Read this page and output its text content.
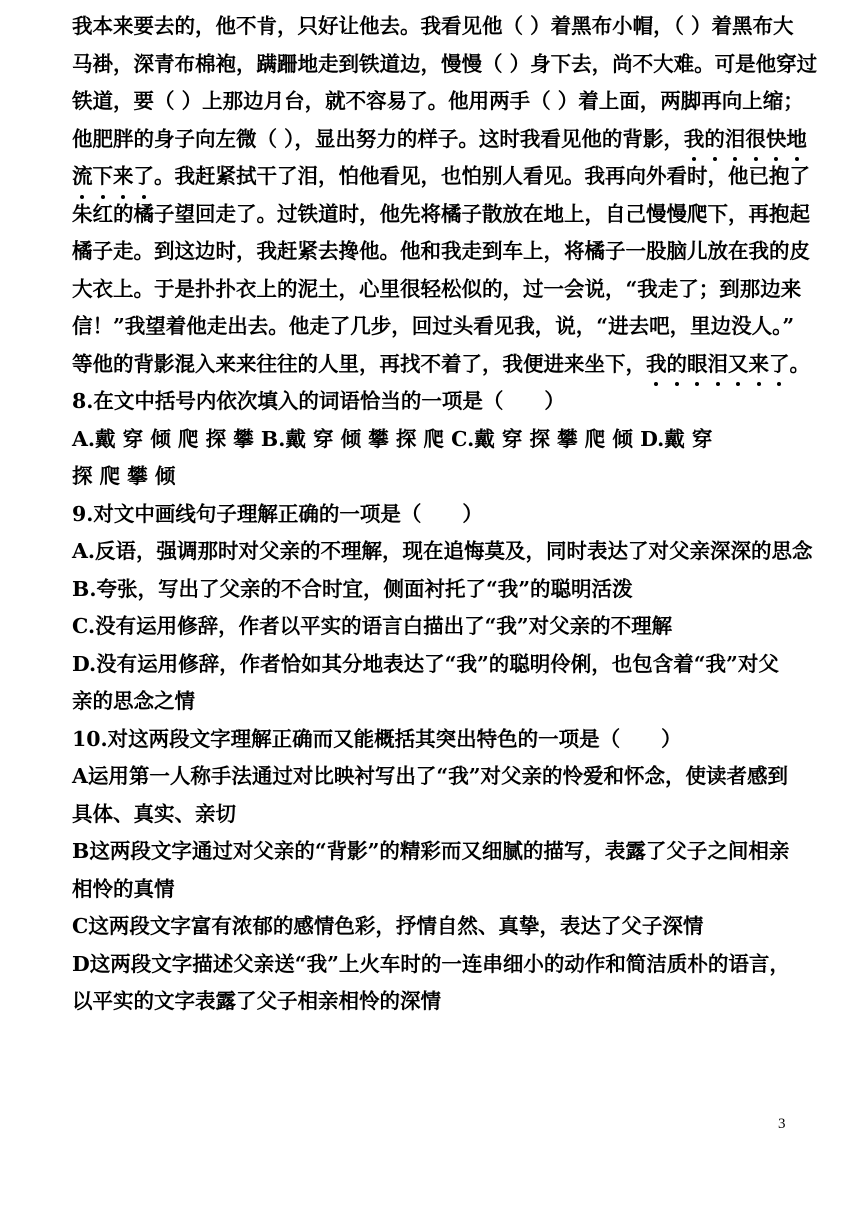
我本来要去的，他不肯，只好让他去。我看见他（ ）着黑布小帽，（ ）着黑布大
马褂，深青布棉袍，蹒跚地走到铁道边，慢慢（ ）身下去，尚不大难。可是他穿过
铁道，要（ ）上那边月台，就不容易了。他用两手（ ）着上面，两脚再向上缩；
他肥胖的身子向左微（ ），显出努力的样子。这时我看见他的背影，我的泪很快地
流下来了。我赶紧拭干了泪，怕他看见，也怕别人看见。我再向外看时，他已抱了
朱红的橘子望回走了。过铁道时，他先将橘子散放在地上，自己慢慢爬下，再抱起
橘子走。到这边时，我赶紧去搀他。他和我走到车上，将橘子一股脑儿放在我的皮
大衣上。于是扑扑衣上的泥土，心里很轻松似的，过一会说，“我走了；到那边来
信！”我望着他走出去。他走了几步，回过头看见我，说，“进去吧，里边没人。”
等他的背影混入来来往往的人里，再找不着了，我便进来坐下，我的眼泪又来了。
8.在文中括号内依次填入的词语恰当的一项是（　　）
A.戴 穿 倾 爬 探 攀 B.戴 穿 倾 攀 探 爬 C.戴 穿 探 攀 爬 倾 D.戴 穿
探 爬 攀 倾
9.对文中画线句子理解正确的一项是（　　）
A.反语，强调那时对父亲的不理解，现在追悔莫及，同时表达了对父亲深深的思念
B.夸张，写出了父亲的不合时宜，侧面衬托了“我”的聪明活泼
C.没有运用修辞，作者以平实的语言白描出了“我”对父亲的不理解
D.没有运用修辞，作者恰如其分地表达了“我”的聪明伶俐，也包含着“我”对父
亲的思念之情
10.对这两段文字理解正确而又能概括其突出特色的一项是（　　）
A运用第一人称手法通过对比映衬写出了“我”对父亲的怜爱和怀念，使读者感到
具体、真实、亲切
B这两段文字通过对父亲的“背影”的精彩而又细腻的描写，表露了父子之间相亲
相怜的真情
C这两段文字富有浓郁的感情色彩，抒情自然、真挚，表达了父子深情
D这两段文字描述父亲送“我”上火车时的一连串细小的动作和简洁质朴的语言，
以平实的文字表露了父子相亲相怜的深情
3
